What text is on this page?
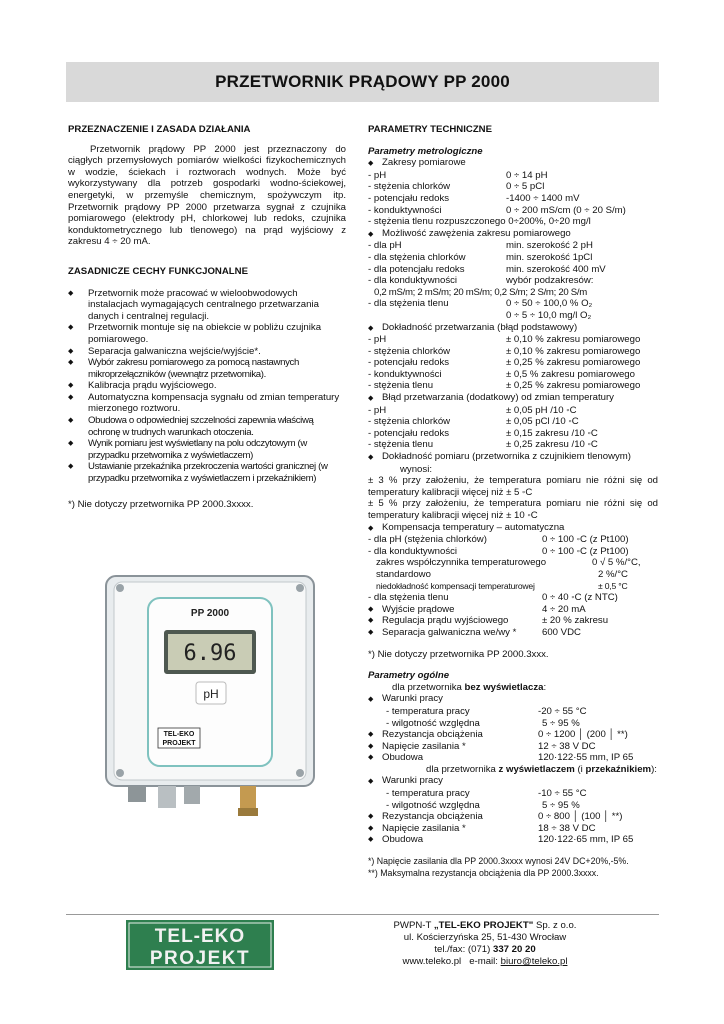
PRZETWORNIK PRĄDOWY PP 2000
PRZEZNACZENIE I ZASADA DZIAŁANIA

Przetwornik prądowy PP 2000 jest przeznaczony do ciągłych przemysłowych pomiarów wielkości fizykochemicznych w wodzie, ściekach i roztworach wodnych. Może być wykorzystywany dla potrzeb gospodarki wodno-ściekowej, energetyki, w przemyśle chemicznym, spożywczym itp. Przetwornik prądowy PP 2000 przetwarza sygnał z czujnika pomiarowego (elektrody pH, chlorkowej lub redoks, czujnika konduktometrycznego lub tlenowego) na prąd wyjściowy z zakresu 4 ÷ 20 mA.

ZASADNICZE CECHY FUNKCJONALNE
◆ Przetwornik może pracować w wieloobwodowych instalacjach wymagających centralnego przetwarzania danych i centralnej regulacji.
◆ Przetwornik montuje się na obiekcie w pobliżu czujnika pomiarowego.
◆ Separacja galwaniczna wejście/wyjście*.
◆ Wybór zakresu pomiarowego za pomocą nastawnych mikroprzełączników (wewnątrz przetwornika).
◆ Kalibracja prądu wyjściowego.
◆ Automatyczna kompensacja sygnału od zmian temperatury mierzonego roztworu.
◆ Obudowa o odpowiedniej szczelności zapewnia właściwą ochronę w trudnych warunkach otoczenia.
◆ Wynik pomiaru jest wyświetlany na polu odczytowym (w przypadku przetwornika z wyświetlaczem)
◆ Ustawianie przekaźnika przekroczenia wartości granicznej (w przypadku przetwornika z wyświetlaczem i przekaźnikiem)

*) Nie dotyczy przetwornika PP 2000.3xxxx.

PP 2000
6.96
pH
TEL-EKO
PROJEKT
PARAMETRY TECHNICZNE

Parametry metrologiczne

◆ Zakresy pomiarowe

- pH	0 ÷ 14 pH
- stężenia chlorków	0 ÷ 5 pCl
- potencjału redoks	-1400 ÷ 1400 mV
- konduktywności	0 ÷ 200 mS/cm (0 ÷ 20 S/m)

- stężenia tlenu rozpuszczonego 0÷200%, 0÷20 mg/l

◆ Możliwość zawężenia zakresu pomiarowego

- dla pH	min. szerokość 2 pH
- dla stężenia chlorków	min. szerokość 1pCl
- dla potencjału redoks	min. szerokość 400 mV
- dla konduktywności	wybór podzakresów:

0,2 mS/m; 2 mS/m; 20 mS/m; 0,2 S/m; 2 S/m; 20 S/m

- dla stężenia tlenu	0 ÷ 50 ÷ 100,0 % O₂
0 ÷ 5 ÷ 10,0 mg/l O₂

◆ Dokładność przetwarzania (błąd podstawowy)

- pH	± 0,10 % zakresu pomiarowego
- stężenia chlorków	± 0,10 % zakresu pomiarowego
- potencjału redoks	± 0,25 % zakresu pomiarowego
- konduktywności	± 0,5 % zakresu pomiarowego
- stężenia tlenu	± 0,25 % zakresu pomiarowego

◆ Błąd przetwarzania (dodatkowy) od zmian temperatury

- pH	± 0,05 pH /10 ◦C
- stężenia chlorków	± 0,05 pCl /10 ◦C
- potencjału redoks	± 0,15 zakresu /10 ◦C
- stężenia tlenu	± 0,25 zakresu /10 ◦C

◆ Dokładność pomiaru (przetwornika z czujnikiem tlenowym)

wynosi:

± 3 % przy założeniu, że temperatura pomiaru nie różni się od temperatury kalibracji więcej niż ± 5 ◦C

± 5 % przy założeniu, że temperatura pomiaru nie różni się od temperatury kalibracji więcej niż ± 10 ◦C

◆ Kompensacja temperatury – automatyczna

- dla pH (stężenia chlorków)	0 ÷ 100 ◦C (z Pt100)
- dla konduktywności	0 ÷ 100 ◦C (z Pt100)
zakres współczynnika temperaturowego	0 √ 5 %/°C,
standardowo	2 %/°C
niedokładność kompensacji temperaturowej	± 0,5 °C
- dla stężenia tlenu	0 ÷ 40 ◦C (z NTC)
◆ Wyjście prądowe	4 ÷ 20 mA
◆ Regulacja prądu wyjściowego	± 20 % zakresu
◆ Separacja galwaniczna we/wy *	600 VDC

*) Nie dotyczy przetwornika PP 2000.3xxx.

Parametry ogólne

dla przetwornika bez wyświetlacza:

◆ Warunki pracy

- temperatura pracy	-20 ÷ 55 °C
- wilgotność względna	5 ÷ 95 %
◆ Rezystancja obciążenia	0 ÷ 1200 │ (200 │ **)
◆ Napięcie zasilania *	12 ÷ 38 V DC
◆ Obudowa	120·122·55 mm, IP 65

dla przetwornika z wyświetlaczem (i przekaźnikiem):

◆ Warunki pracy

- temperatura pracy	-10 ÷ 55 °C
- wilgotność względna	5 ÷ 95 %
◆ Rezystancja obciążenia	0 ÷ 800 │ (100 │ **)
◆ Napięcie zasilania *	18 ÷ 38 V DC
◆ Obudowa	120·122·65 mm, IP 65

*) Napięcie zasilania dla PP 2000.3xxxx wynosi 24V DC+20%,-5%.

**) Maksymalna rezystancja obciążenia dla PP 2000.3xxxx.

TEL-EKO
PROJEKT
PWPN-T „TEL-EKO PROJEKT" Sp. z o.o.
ul. Kościerzyńska 25, 51-430 Wrocław
tel./fax: (071) 337 20 20
www.teleko.pl e-mail: biuro@teleko.pl
